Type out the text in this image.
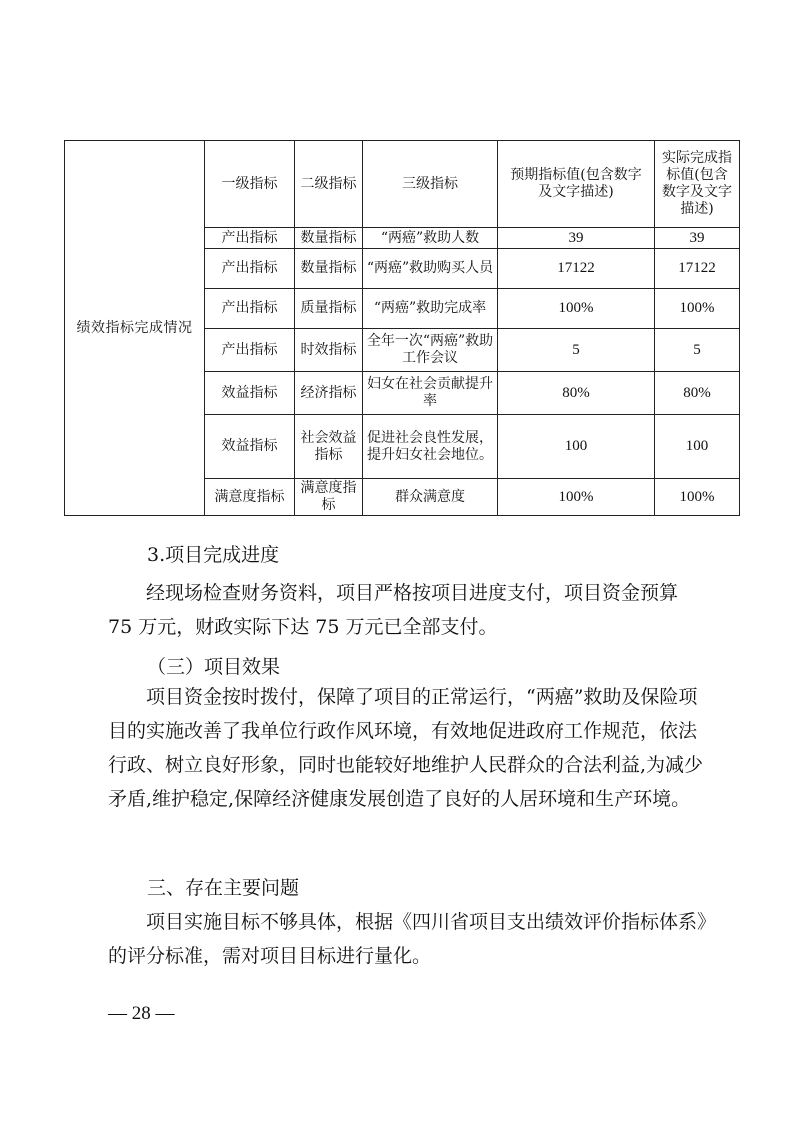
绩效指标完成情况	一级指标	二级指标	三级指标	预期指标值(包含数字及文字描述)	实际完成指标值(包含数字及文字描述)
	产出指标	数量指标	“两癌”救助人数	39	39
	产出指标	数量指标	“两癌”救助购买人员	17122	17122
	产出指标	质量指标	“两癌”救助完成率	100%	100%
	产出指标	时效指标	全年一次“两癌”救助工作会议	5	5
	效益指标	经济指标	妇女在社会贡献提升率	80%	80%
	效益指标	社会效益指标	促进社会良性发展，提升妇女社会地位。	100	100
	满意度指标	满意度指标	群众满意度	100%	100%

3.项目完成进度

经现场检查财务资料，项目严格按项目进度支付，项目资金预算 75 万元，财政实际下达 75 万元已全部支付。

（三）项目效果

项目资金按时拨付，保障了项目的正常运行，“两癌”救助及保险项目的实施改善了我单位行政作风环境，有效地促进政府工作规范，依法行政、树立良好形象，同时也能较好地维护人民群众的合法利益,为减少矛盾,维护稳定,保障经济健康发展创造了良好的人居环境和生产环境。

三、存在主要问题

项目实施目标不够具体，根据《四川省项目支出绩效评价指标体系》的评分标准，需对项目目标进行量化。

— 28 —
